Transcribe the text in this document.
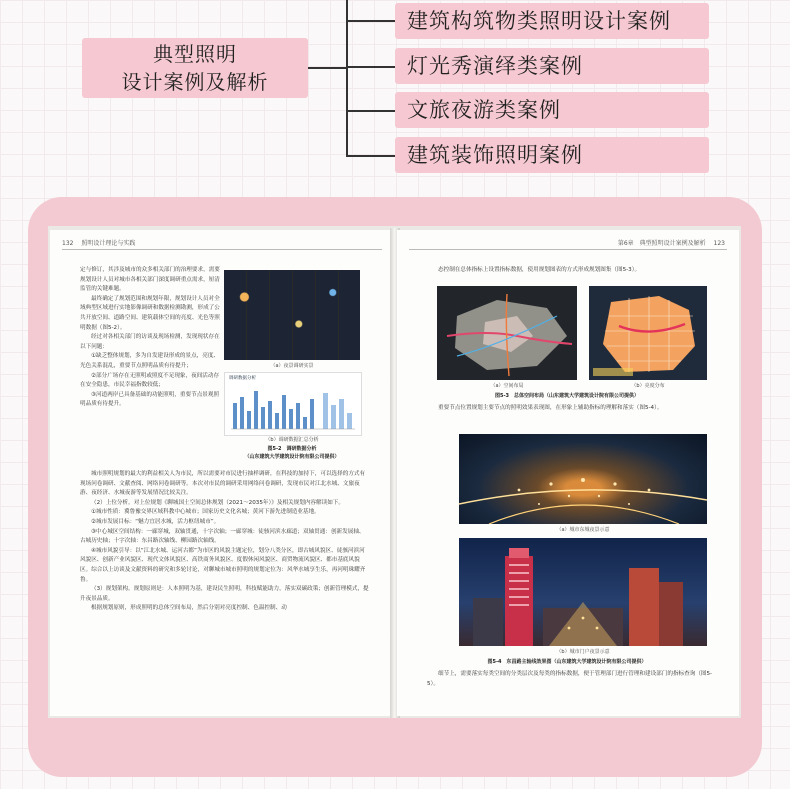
典型照明
设计案例及解析
建筑构筑物类照明设计案例
灯光秀演绎类案例
文旅夜游类案例
建筑装饰照明案例
132 照明设计理论与实践
定与修订，其涉及城市的众多相关部门的治理要求，需要规划设计人员对城市各相关部门深度调研重点需求，厘清监管的关键难题。
最终确定了规划范围和规划年限，规划设计人员对全域典型区域进行实地影像调研和数据检测勘测，形成了公共开放空间、道路空间、建筑载体空间的亮度、光色等照明数据（图5-2）。
经过对各相关部门的访谈及现场检测，发现现状存在以下问题：
①缺乏整体规划，多为自发建设形成的景点，亮度、光色关系混乱，重要节点照明品质有待提升；
②部分广场存在无照明或照度不足现象，夜间活动存在安全隐患，市民幸福指数较低；
③河道两岸已具备基础的功能照明，重要节点景观照明品质有待提升。
（a）夜景调研实景
调研数据分析
（b）调研数据汇总分析
图5-2　调研数据分析
（山东建筑大学建筑设计院有限公司提供）
城市照明规划的最大的利益相关人为市民，所以需要对市民进行抽样调研，在科技的加持下，可以选择的方式有现场问卷调研、文献查阅、网络问卷调研等。本次对市民的调研采用网络问卷调研，发现市民对江北水城、文旅夜游、夜经济、水城夜游等发展情况比较关注。
（2）上位分析。对上位规划《聊城国土空间总体规划（2021～2035年）》及相关规划内容解读如下。
①城市性质：冀鲁豫交界区域科教中心城市；国家历史文化名城；黄河下游先进制造业基地。
②城市发展目标：“魅力宜居水城，活力枢纽城市”。
③中心城区空间结构：一廊穿城，双轴贯通，十字次轴；一廊穿城：徒骇河滨水廊道；双轴贯通：创新发展轴、古城历史轴；十字次轴：东昌路次轴线、柳园路次轴线。
④城市风貌引导：以“江北水城、运河古都”为市区的风貌主题定位，划分八类分区，即古城风貌区、徒骇河滨河风貌区、创新产业风貌区、现代文体风貌区、高铁商务风貌区、度假休闲风貌区、商贸物流风貌区、都市基底风貌区。综合以上访谈及文献资料的研究和多轮讨论，对聊城市城市照明的规划定位为：风华水城享生乐，再河明珠耀齐鲁。
（3）规划架构。规划原则是：人本照明为基，建设民生照明，科技赋能助力，落实双碳政策；创新管理模式，提升夜景品质。
根据规划原则，形成照明的总体空间布局，然后分别对亮度控制、色温控制、动
第6章 典型照明设计案例及解析 123
态控制在总体指标上设置指标数据，使用规划图表的方式形成规划图集（图5-3）。
（a）空间布局	（b）亮度分布
图5-3　总体空间布局（山东建筑大学建筑设计院有限公司提供）
重要节点位置规划主要节点的照明效果表现图，在形象上辅助指标的理解和落实（图5-4）。
（a）城市东城夜景示意
（b）城市门户夜景示意
图5-4　东昌路主轴线效果图（山东建筑大学建筑设计院有限公司提供）
细节上，需要落实每类空间的分类层次及每类的指标数据，便于管理部门进行管理和建设部门的指标查询（图5-5）。
